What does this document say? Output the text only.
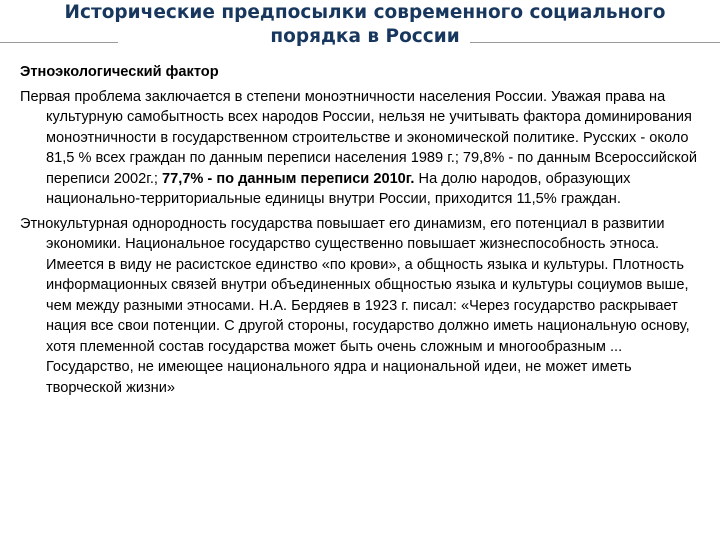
Исторические предпосылки современного социального порядка в России
Этноэкологический фактор

Первая проблема заключается в степени моноэтничности населения России. Уважая права на культурную самобытность всех народов России, нельзя не учитывать фактора доминирования моноэтничности в государственном строительстве и экономической политике. Русских - около 81,5 % всех граждан по данным переписи населения 1989 г.; 79,8% - по данным Всероссийской переписи 2002г.; 77,7% - по данным переписи 2010г. На долю народов, образующих национально-территориальные единицы внутри России, приходится 11,5% граждан.

Этнокультурная однородность государства повышает его динамизм, его потенциал в развитии экономики. Национальное государство существенно повышает жизнеспособность этноса. Имеется в виду не расистское единство «по крови», а общность языка и культуры. Плотность информационных связей внутри объединенных общностью языка и культуры социумов выше, чем между разными этносами. Н.А. Бердяев в 1923 г. писал: «Через государство раскрывает нация все свои потенции. С другой стороны, государство должно иметь национальную основу, хотя племенной состав государства может быть очень сложным и многообразным ... Государство, не имеющее национального ядра и национальной идеи, не может иметь творческой жизни»
